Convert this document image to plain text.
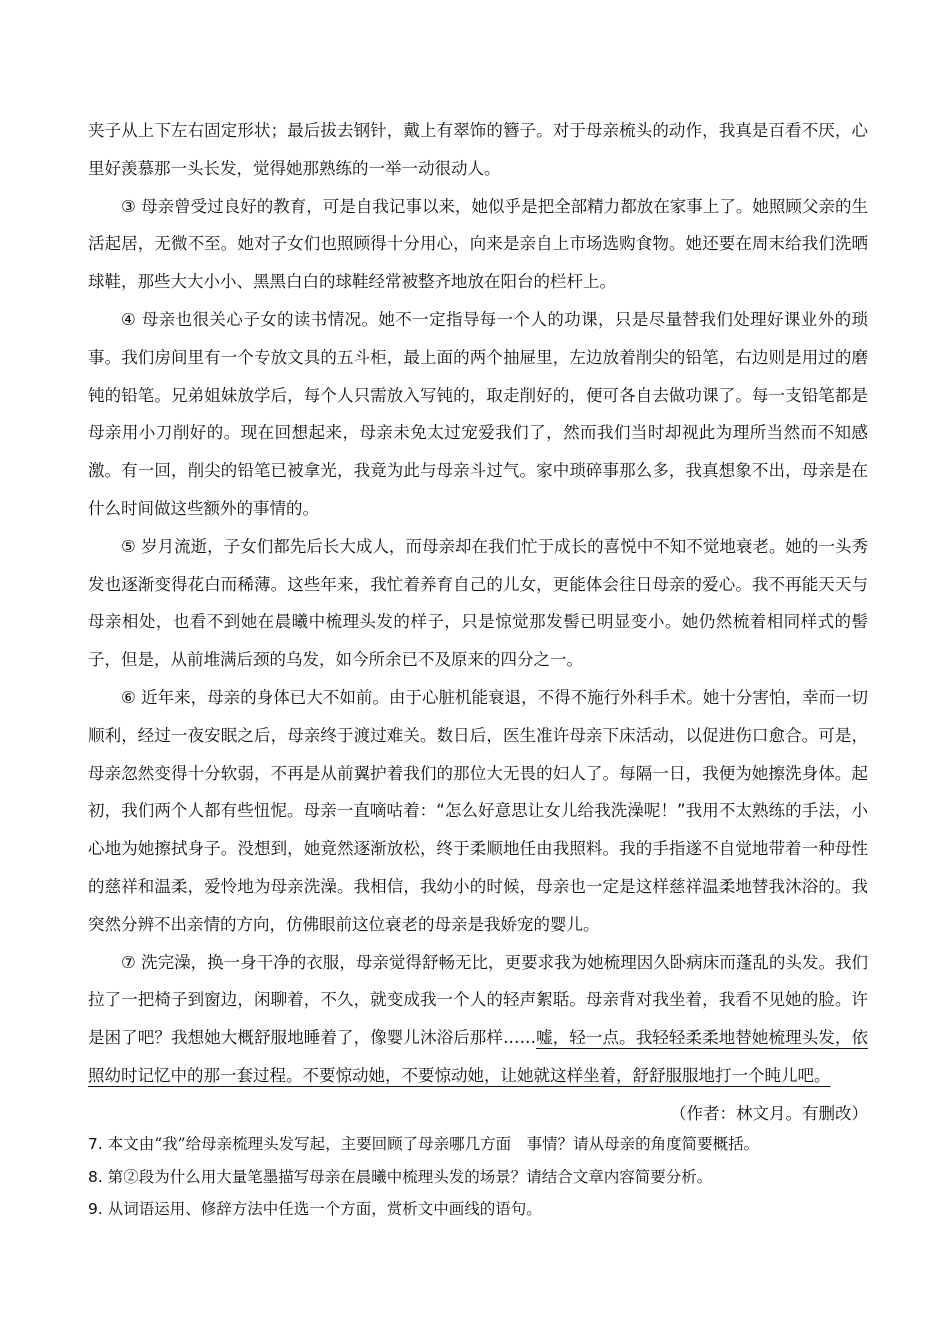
夹子从上下左右固定形状；最后拔去钢针，戴上有翠饰的簪子。对于母亲梳头的动作，我真是百看不厌，心里好羡慕那一头长发，觉得她那熟练的一举一动很动人。

③ 母亲曾受过良好的教育，可是自我记事以来，她似乎是把全部精力都放在家事上了。她照顾父亲的生活起居，无微不至。她对子女们也照顾得十分用心，向来是亲自上市场选购食物。她还要在周末给我们洗晒球鞋，那些大大小小、黑黑白白的球鞋经常被整齐地放在阳台的栏杆上。

④ 母亲也很关心子女的读书情况。她不一定指导每一个人的功课，只是尽量替我们处理好课业外的琐事。我们房间里有一个专放文具的五斗柜，最上面的两个抽屉里，左边放着削尖的铅笔，右边则是用过的磨钝的铅笔。兄弟姐妹放学后，每个人只需放入写钝的，取走削好的，便可各自去做功课了。每一支铅笔都是母亲用小刀削好的。现在回想起来，母亲未免太过宠爱我们了，然而我们当时却视此为理所当然而不知感激。有一回，削尖的铅笔已被拿光，我竟为此与母亲斗过气。家中琐碎事那么多，我真想象不出，母亲是在什么时间做这些额外的事情的。

⑤ 岁月流逝，子女们都先后长大成人，而母亲却在我们忙于成长的喜悦中不知不觉地衰老。她的一头秀发也逐渐变得花白而稀薄。这些年来，我忙着养育自己的儿女，更能体会往日母亲的爱心。我不再能天天与母亲相处，也看不到她在晨曦中梳理头发的样子，只是惊觉那发髻已明显变小。她仍然梳着相同样式的髻子，但是，从前堆满后颈的乌发，如今所余已不及原来的四分之一。

⑥ 近年来，母亲的身体已大不如前。由于心脏机能衰退，不得不施行外科手术。她十分害怕，幸而一切顺利，经过一夜安眠之后，母亲终于渡过难关。数日后，医生准许母亲下床活动，以促进伤口愈合。可是，母亲忽然变得十分软弱，不再是从前翼护着我们的那位大无畏的妇人了。每隔一日，我便为她擦洗身体。起初，我们两个人都有些忸怩。母亲一直嘀咕着：“怎么好意思让女儿给我洗澡呢！”我用不太熟练的手法，小心地为她擦拭身子。没想到，她竟然逐渐放松，终于柔顺地任由我照料。我的手指遂不自觉地带着一种母性的慈祥和温柔，爱怜地为母亲洗澡。我相信，我幼小的时候，母亲也一定是这样慈祥温柔地替我沐浴的。我突然分辨不出亲情的方向，仿佛眼前这位衰老的母亲是我娇宠的婴儿。

⑦ 洗完澡，换一身干净的衣服，母亲觉得舒畅无比，更要求我为她梳理因久卧病床而蓬乱的头发。我们拉了一把椅子到窗边，闲聊着，不久，就变成我一个人的轻声絮聒。母亲背对我坐着，我看不见她的脸。许是困了吧？我想她大概舒服地睡着了，像婴儿沐浴后那样……嘘，轻一点。我轻轻柔柔地替她梳理头发，依照幼时记忆中的那一套过程。不要惊动她，不要惊动她，让她就这样坐着，舒舒服服地打一个盹儿吧。

（作者：林文月。有删改）

7. 本文由“我”给母亲梳理头发写起，主要回顾了母亲哪几方面　事情？请从母亲的角度简要概括。

8. 第②段为什么用大量笔墨描写母亲在晨曦中梳理头发的场景？请结合文章内容简要分析。

9. 从词语运用、修辞方法中任选一个方面，赏析文中画线的语句。
